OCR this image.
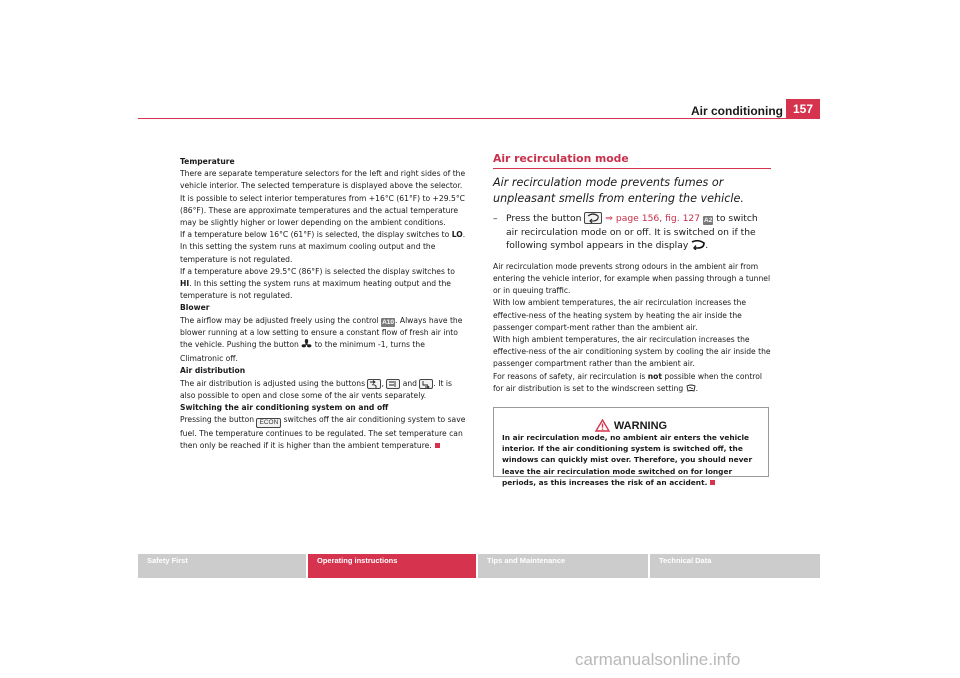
Air conditioning 157

Temperature

There are separate temperature selectors for the left and right sides of the vehicle interior. The selected temperature is displayed above the selector. It is possible to select interior temperatures from +16°C (61°F) to +29.5°C (86°F). These are approximate temperatures and the actual temperature may be slightly higher or lower depending on the ambient conditions.

If a temperature below 16°C (61°F) is selected, the display switches to LO. In this setting the system runs at maximum cooling output and the temperature is not regulated.

If a temperature above 29.5°C (86°F) is selected the display switches to HI. In this setting the system runs at maximum heating output and the temperature is not regulated.

Blower

The airflow may be adjusted freely using the control A10. Always have the blower running at a low setting to ensure a constant flow of fresh air into the vehicle. Pushing the button  to the minimum -1, turns the Climatronic off.

Air distribution

The air distribution is adjusted using the buttons ,  and . It is also possible to open and close some of the air vents separately.

Switching the air conditioning system on and off

Pressing the button ECON switches off the air conditioning system to save fuel. The temperature continues to be regulated. The set temperature can then only be reached if it is higher than the ambient temperature.

Air recirculation mode
Air recirculation mode prevents fumes or unpleasant smells from entering the vehicle.
– Press the button  ⇒ page 156, fig. 127 A2 to switch air recirculation mode on or off. It is switched on if the following symbol appears in the display .

Air recirculation mode prevents strong odours in the ambient air from entering the vehicle interior, for example when passing through a tunnel or in queuing traffic.

With low ambient temperatures, the air recirculation increases the effective-ness of the heating system by heating the air inside the passenger compart-ment rather than the ambient air.

With high ambient temperatures, the air recirculation increases the effective-ness of the air conditioning system by cooling the air inside the passenger compartment rather than the ambient air.

For reasons of safety, air recirculation is not possible when the control for air distribution is set to the windscreen setting .

WARNING
In air recirculation mode, no ambient air enters the vehicle interior. If the air conditioning system is switched off, the windows can quickly mist over. Therefore, you should never leave the air recirculation mode switched on for longer periods, as this increases the risk of an accident.
Safety First	Operating instructions	Tips and Maintenance	Technical Data
carmanualsonline.info
